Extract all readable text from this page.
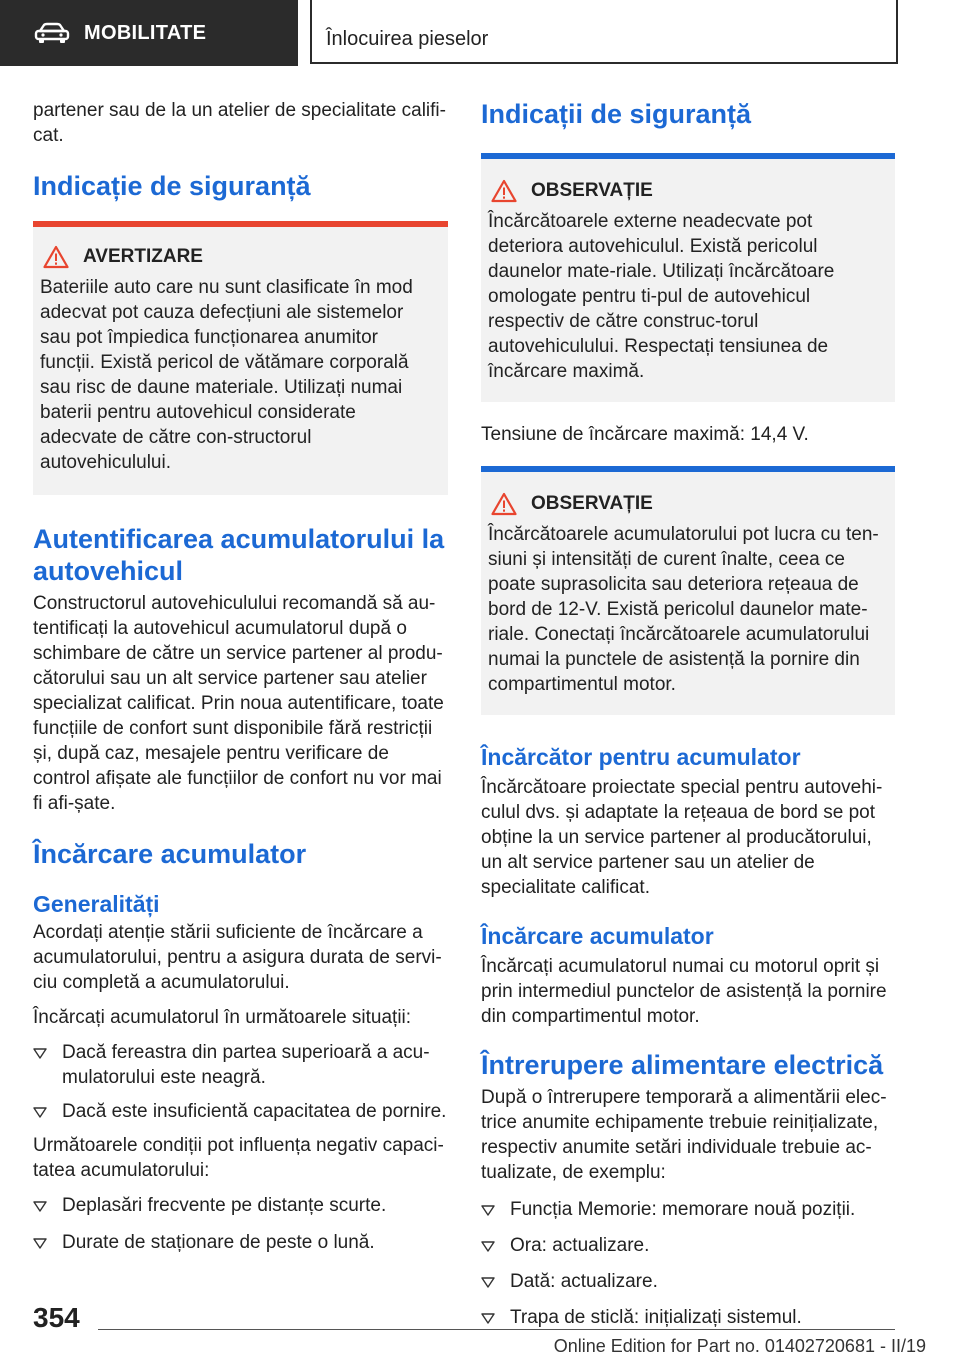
MOBILITATE	Înlocuirea pieselor

partener sau de la un atelier de specialitate califi-cat.

Indicație de siguranță
AVERTIZARE

Bateriile auto care nu sunt clasificate în mod adecvat pot cauza defecțiuni ale sistemelor sau pot împiedica funcționarea anumitor funcții. Există pericol de vătămare corporală sau risc de daune materiale. Utilizați numai baterii pentru autovehicul considerate adecvate de către con-structorul autovehiculului.

Autentificarea acumulatorului la autovehicul

Constructorul autovehiculului recomandă să au-tentificați la autovehicul acumulatorul după o schimbare de către un service partener al produ-cătorului sau un alt service partener sau atelier specializat calificat. Prin noua autentificare, toate funcțiile de confort sunt disponibile fără restricții și, după caz, mesajele pentru verificare de control afișate ale funcțiilor de confort nu vor mai fi afi-șate.

Încărcare acumulator
Generalități

Acordați atenție stării suficiente de încărcare a acumulatorului, pentru a asigura durata de servi-ciu completă a acumulatorului.

Încărcați acumulatorul în următoarele situații:

Dacă fereastra din partea superioară a acu-mulatorului este neagră.
Dacă este insuficientă capacitatea de pornire.

Următoarele condiții pot influența negativ capaci-tatea acumulatorului:

Deplasări frecvente pe distanțe scurte.
Durate de staționare de peste o lună.
Indicații de siguranță
OBSERVAȚIE

Încărcătoarele externe neadecvate pot deteriora autovehiculul. Există pericolul daunelor mate-riale. Utilizați încărcătoare omologate pentru ti-pul de autovehicul respectiv de către construc-torul autovehiculului. Respectați tensiunea de încărcare maximă.

Tensiune de încărcare maximă: 14,4 V.

OBSERVAȚIE

Încărcătoarele acumulatorului pot lucra cu ten-siuni și intensități de curent înalte, ceea ce poate suprasolicita sau deteriora rețeaua de bord de 12-V. Există pericolul daunelor mate-riale. Conectați încărcătoarele acumulatorului numai la punctele de asistență la pornire din compartimentul motor.

Încărcător pentru acumulator

Încărcătoare proiectate special pentru autovehi-culul dvs. și adaptate la rețeaua de bord se pot obține la un service partener al producătorului, un alt service partener sau un atelier de specialitate calificat.

Încărcare acumulator

Încărcați acumulatorul numai cu motorul oprit și prin intermediul punctelor de asistență la pornire din compartimentul motor.

Întrerupere alimentare electrică

După o întrerupere temporară a alimentării elec-trice anumite echipamente trebuie reinițializate, respectiv anumite setări individuale trebuie ac-tualizate, de exemplu:

Funcția Memorie: memorare nouă poziții.
Ora: actualizare.
Dată: actualizare.
Trapa de sticlă: inițializați sistemul.
354
Online Edition for Part no. 01402720681 - II/19
